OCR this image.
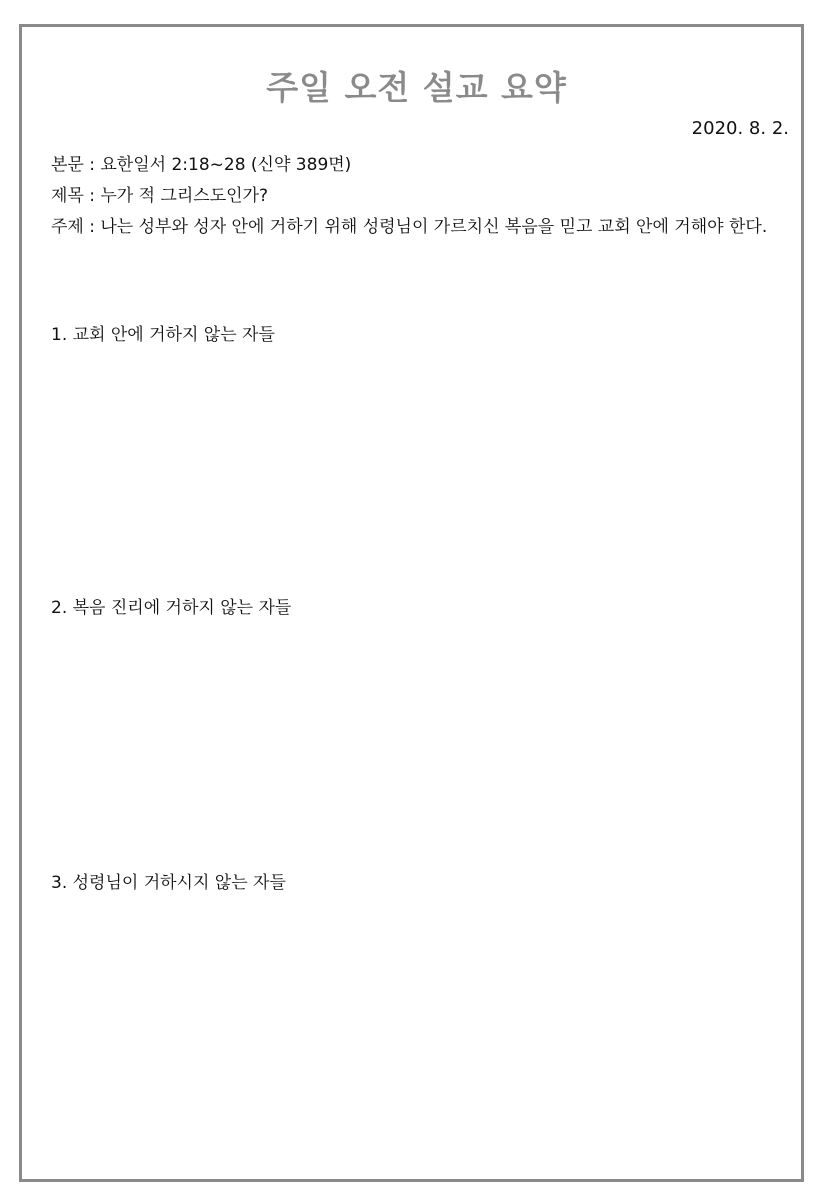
주일 오전 설교 요약
2020. 8. 2.

본문 : 요한일서 2:18~28 (신약 389면)

제목 : 누가 적 그리스도인가?

주제 : 나는 성부와 성자 안에 거하기 위해 성령님이 가르치신 복음을 믿고 교회 안에 거해야 한다.

1. 교회 안에 거하지 않는 자들
2. 복음 진리에 거하지 않는 자들
3. 성령님이 거하시지 않는 자들
